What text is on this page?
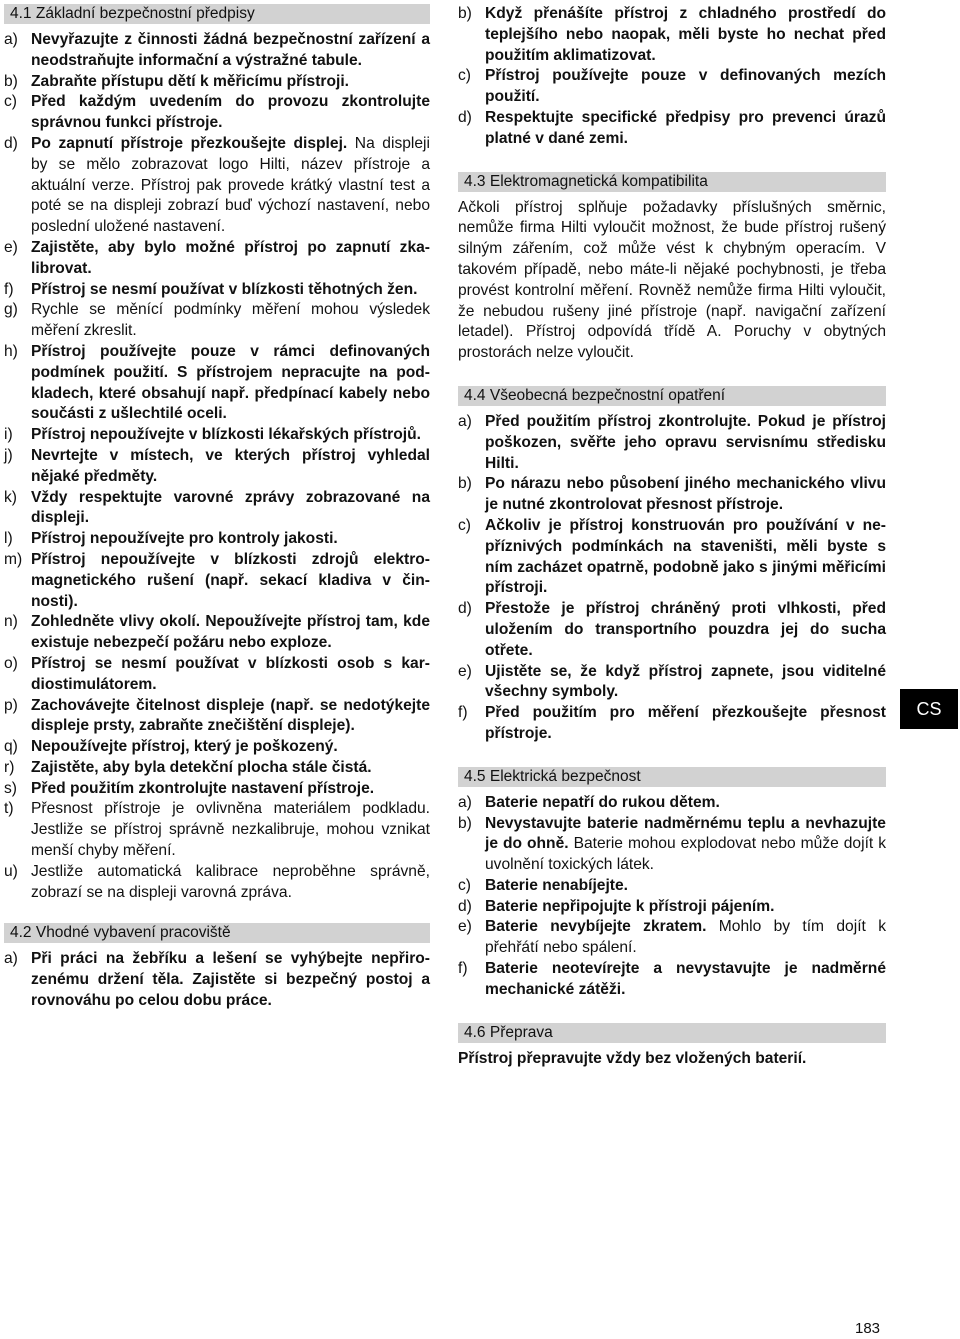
4.1 Základní bezpečnostní předpisy
a) Nevyřazujte z činnosti žádná bezpečnostní zařízení a neodstraňujte informační a výstražné tabule.
b) Zabraňte přístupu dětí k měřicímu přístroji.
c) Před každým uvedením do provozu zkontrolujte správnou funkci přístroje.
d) Po zapnutí přístroje přezkoušejte displej. Na displeji by se mělo zobrazovat logo Hilti, název přístroje a aktuální verze. Přístroj pak provede krátký vlastní test a poté se na displeji zobrazí buď výchozí nastavení, nebo poslední uložené nastavení.
e) Zajistěte, aby bylo možné přístroj po zapnutí zkalibrovat.
f) Přístroj se nesmí používat v blízkosti těhotných žen.
g) Rychle se měnící podmínky měření mohou výsledek měření zkreslit.
h) Přístroj používejte pouze v rámci definovaných podmínek použití. S přístrojem nepracujte na podkladech, které obsahují např. předpínací kabely nebo součásti z ušlechtilé oceli.
i) Přístroj nepoužívejte v blízkosti lékařských přístrojů.
j) Nevrtejte v místech, ve kterých přístroj vyhledal nějaké předměty.
k) Vždy respektujte varovné zprávy zobrazované na displeji.
l) Přístroj nepoužívejte pro kontroly jakosti.
m) Přístroj nepoužívejte v blízkosti zdrojů elektromagnetického rušení (např. sekací kladiva v činnosti).
n) Zohledněte vlivy okolí. Nepoužívejte přístroj tam, kde existuje nebezpečí požáru nebo exploze.
o) Přístroj se nesmí používat v blízkosti osob s kardiostimulátorem.
p) Zachovávejte čitelnost displeje (např. se nedotýkejte displeje prsty, zabraňte znečištění displeje).
q) Nepoužívejte přístroj, který je poškozený.
r) Zajistěte, aby byla detekční plocha stále čistá.
s) Před použitím zkontrolujte nastavení přístroje.
t) Přesnost přístroje je ovlivněna materiálem podkladu. Jestliže se přístroj správně nezkalibruje, mohou vznikat menší chyby měření.
u) Jestliže automatická kalibrace neproběhne správně, zobrazí se na displeji varovná zpráva.
4.2 Vhodné vybavení pracoviště
a) Při práci na žebříku a lešení se vyhýbejte nepřirozenému držení těla. Zajistěte si bezpečný postoj a rovnováhu po celou dobu práce.
b) Když přenášíte přístroj z chladného prostředí do teplejšího nebo naopak, měli byste ho nechat před použitím aklimatizovat.
c) Přístroj používejte pouze v definovaných mezích použití.
d) Respektujte specifické předpisy pro prevenci úrazů platné v dané zemi.
4.3 Elektromagnetická kompatibilita

Ačkoli přístroj splňuje požadavky příslušných směrnic, nemůže firma Hilti vyloučit možnost, že bude přístroj rušený silným zářením, což může vést k chybným operacím. V takovém případě, nebo máte-li nějaké pochybnosti, je třeba provést kontrolní měření. Rovněž nemůže firma Hilti vyloučit, že nebudou rušeny jiné přístroje (např. navigační zařízení letadel). Přístroj odpovídá třídě A. Poruchy v obytných prostorách nelze vyloučit.

4.4 Všeobecná bezpečnostní opatření
a) Před použitím přístroj zkontrolujte. Pokud je přístroj poškozen, svěřte jeho opravu servisnímu středisku Hilti.
b) Po nárazu nebo působení jiného mechanického vlivu je nutné zkontrolovat přesnost přístroje.
c) Ačkoliv je přístroj konstruován pro používání v nepříznivých podmínkách na staveništi, měli byste s ním zacházet opatrně, podobně jako s jinými měřicími přístroji.
d) Přestože je přístroj chráněný proti vlhkosti, před uložením do transportního pouzdra jej do sucha otřete.
e) Ujistěte se, že když přístroj zapnete, jsou viditelné všechny symboly.
f) Před použitím pro měření přezkoušejte přesnost přístroje.
4.5 Elektrická bezpečnost
a) Baterie nepatří do rukou dětem.
b) Nevystavujte baterie nadměrnému teplu a nevhazujte je do ohně. Baterie mohou explodovat nebo může dojít k uvolnění toxických látek.
c) Baterie nenabíjejte.
d) Baterie nepřipojujte k přístroji pájením.
e) Baterie nevybíjejte zkratem. Mohlo by tím dojít k přehřátí nebo spálení.
f) Baterie neotevírejte a nevystavujte je nadměrné mechanické zátěži.
4.6 Přeprava

Přístroj přepravujte vždy bez vložených baterií.

CS
183
